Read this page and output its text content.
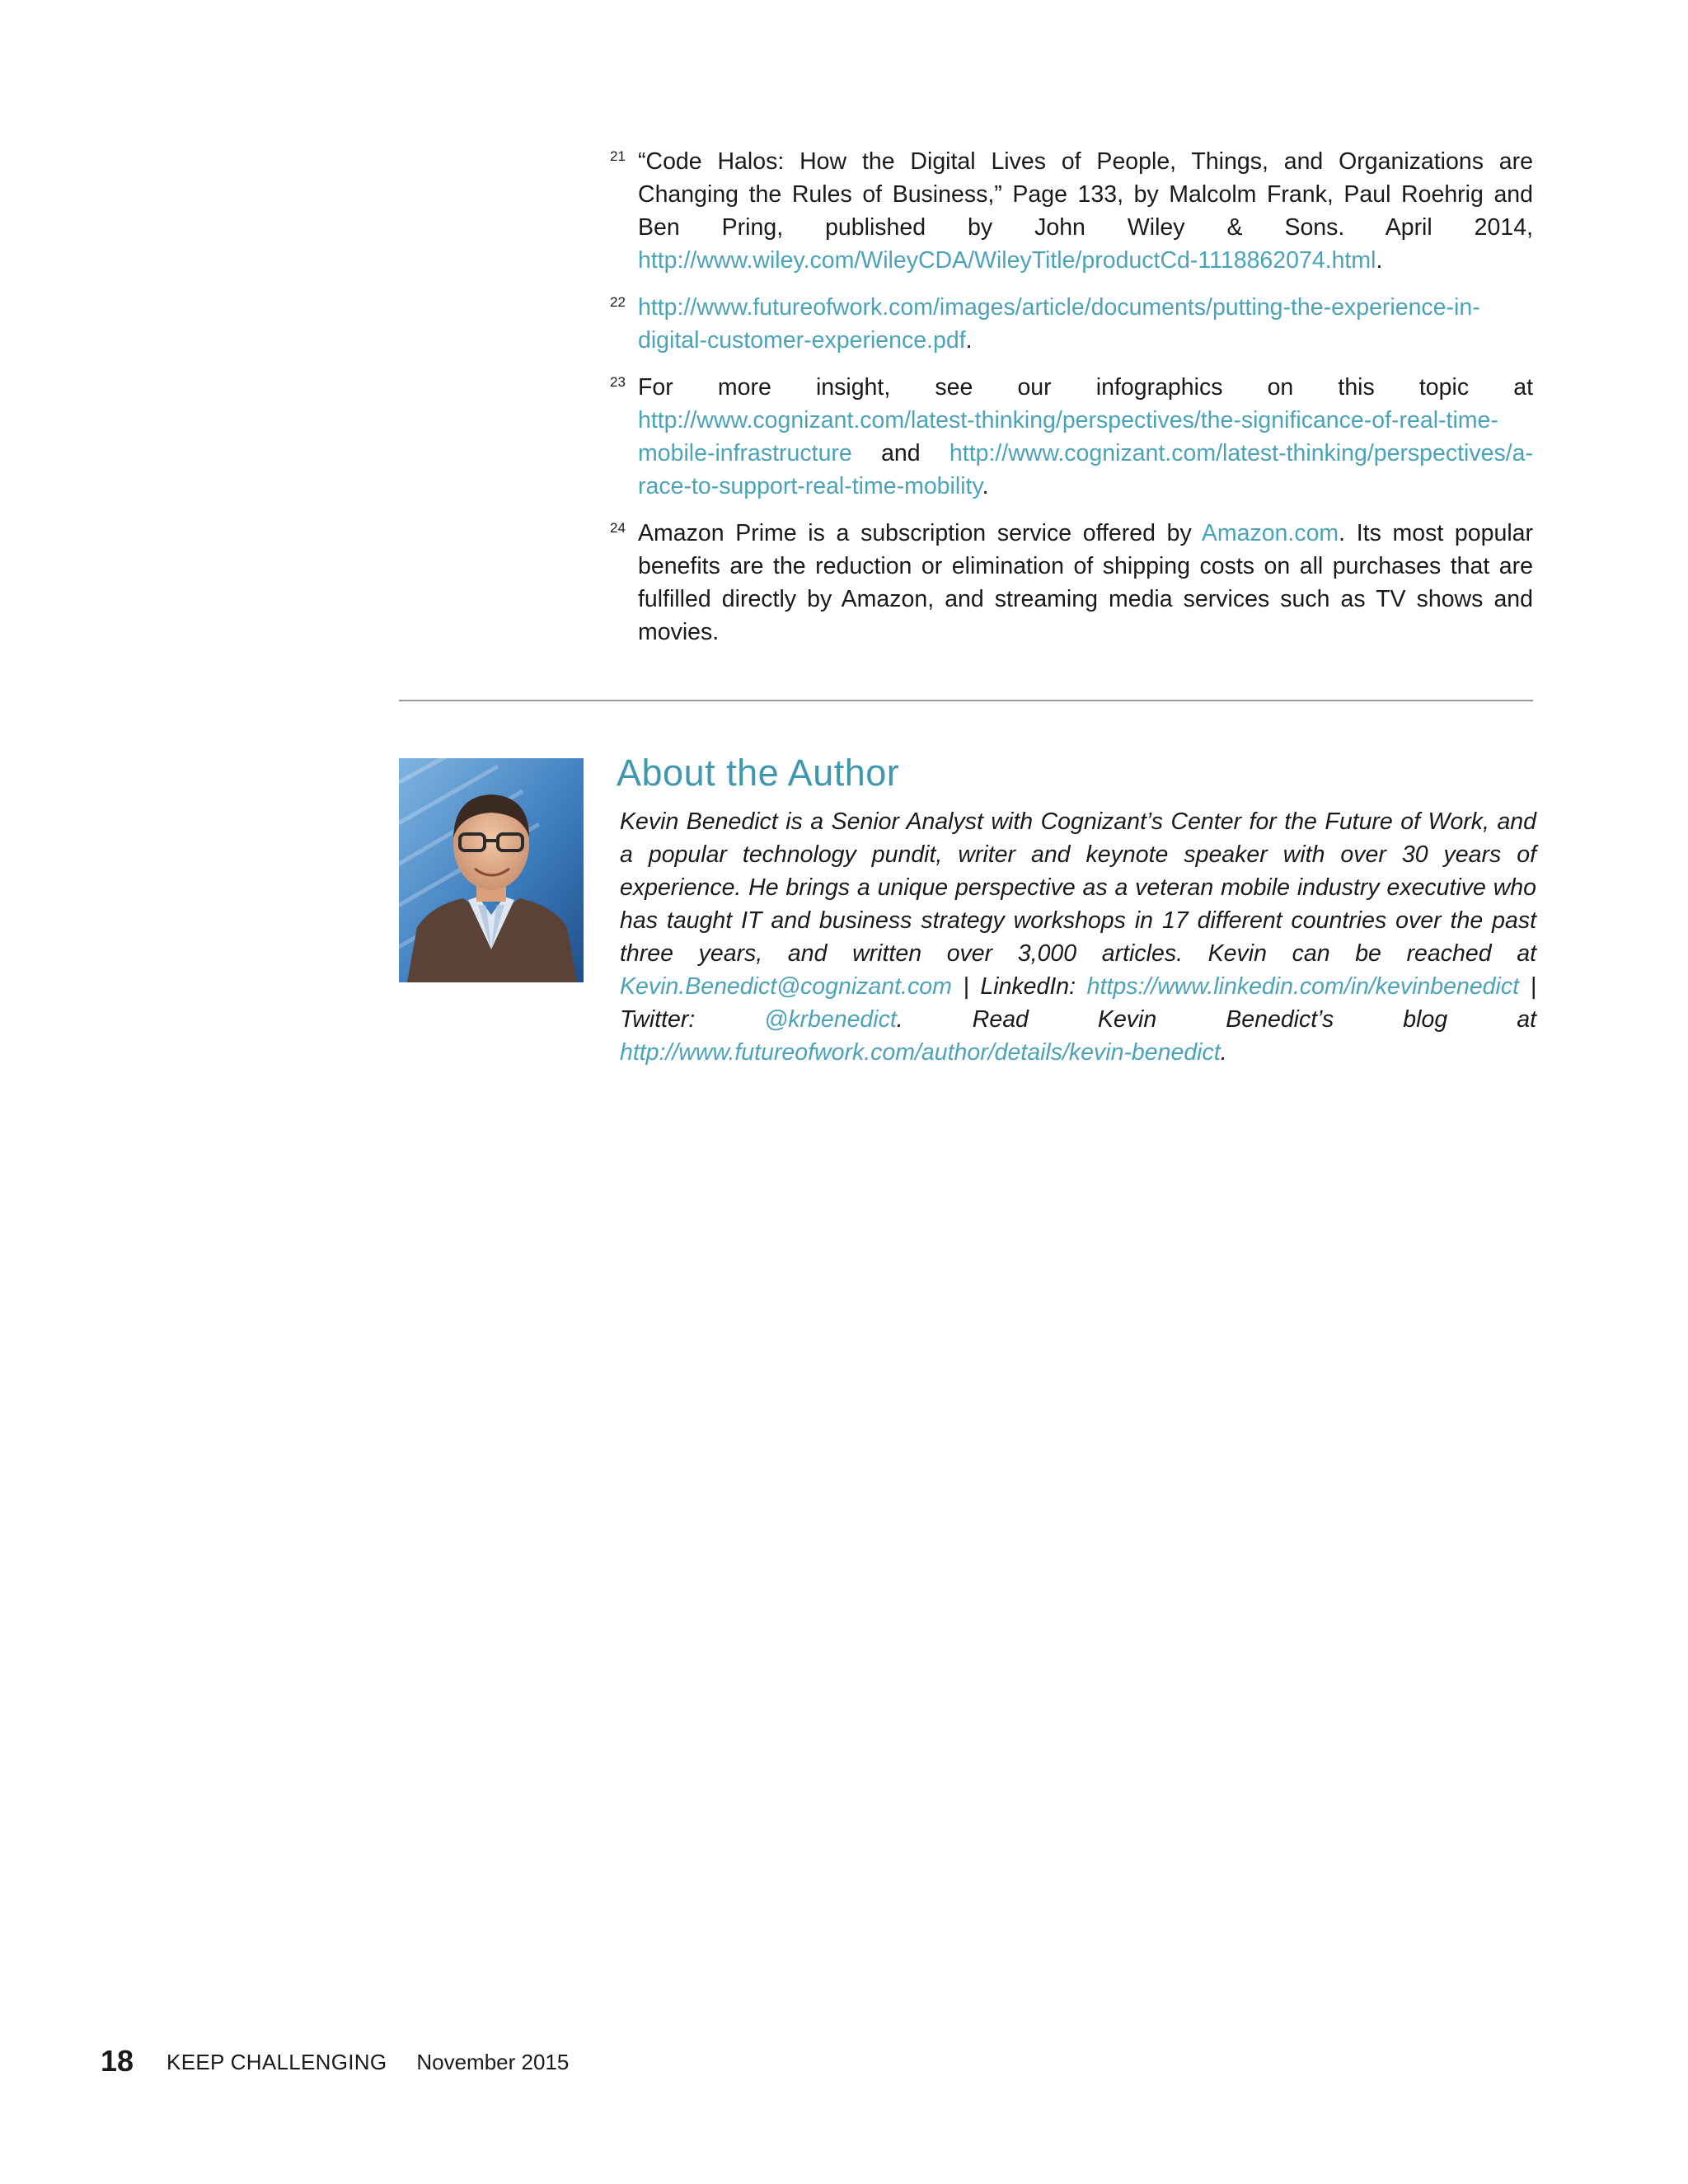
21 “Code Halos: How the Digital Lives of People, Things, and Organizations are Changing the Rules of Business,” Page 133, by Malcolm Frank, Paul Roehrig and Ben Pring, published by John Wiley & Sons. April 2014, http://www.wiley.com/WileyCDA/WileyTitle/productCd-1118862074.html.
22 http://www.futureofwork.com/images/article/documents/putting-the-experience-in-digital-customer-experience.pdf.
23 For more insight, see our infographics on this topic at http://www.cognizant.com/latest-thinking/perspectives/the-significance-of-real-time-mobile-infrastructure and http://www.cognizant.com/latest-thinking/perspectives/a-race-to-support-real-time-mobility.
24 Amazon Prime is a subscription service offered by Amazon.com. Its most popular benefits are the reduction or elimination of shipping costs on all purchases that are fulfilled directly by Amazon, and streaming media services such as TV shows and movies.
About the Author

Kevin Benedict is a Senior Analyst with Cognizant’s Center for the Future of Work, and a popular technology pundit, writer and keynote speaker with over 30 years of experience. He brings a unique perspective as a veteran mobile industry executive who has taught IT and business strategy workshops in 17 different countries over the past three years, and written over 3,000 articles. Kevin can be reached at Kevin.Benedict@cognizant.com | LinkedIn: https://www.linkedin.com/in/kevinbenedict | Twitter: @krbenedict. Read Kevin Benedict’s blog at http://www.futureofwork.com/author/details/kevin-benedict.

18 KEEP CHALLENGING November 2015
